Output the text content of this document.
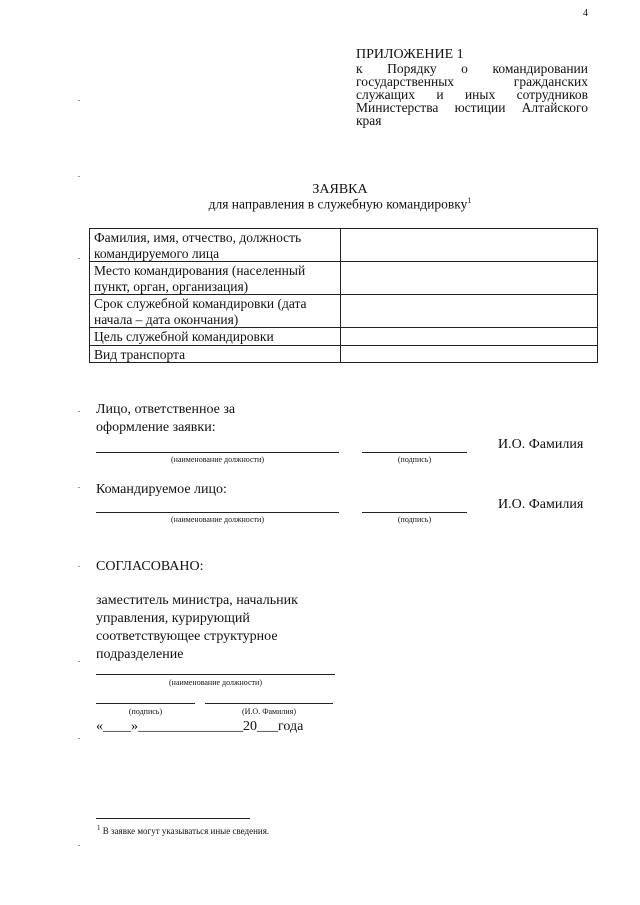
4
ПРИЛОЖЕНИЕ 1
к Порядку о командировании
государственных гражданских
служащих и иных сотрудников
Министерства юстиции Алтайского
края
ЗАЯВКА
для направления в служебную командировку$^1$
Фамилия, имя, отчество, должность командируемого лица	
Место командирования (населенный пункт, орган, организация)	
Срок служебной командировки (дата начала – дата окончания)	
Цель служебной командировки	
Вид транспорта	
Лицо, ответственное за
оформление заявки:
И.О. Фамилия
(наименование должности)	(подпись)
Командируемое лицо:
И.О. Фамилия
(наименование должности)	(подпись)
СОГЛАСОВАНО:
заместитель министра, начальник
управления, курирующий
соответствующее структурное
подразделение
(наименование должности)
(подпись)	(И.О. Фамилия)
«____»_______________20___года
$^1$ В заявке могут указываться иные сведения.
